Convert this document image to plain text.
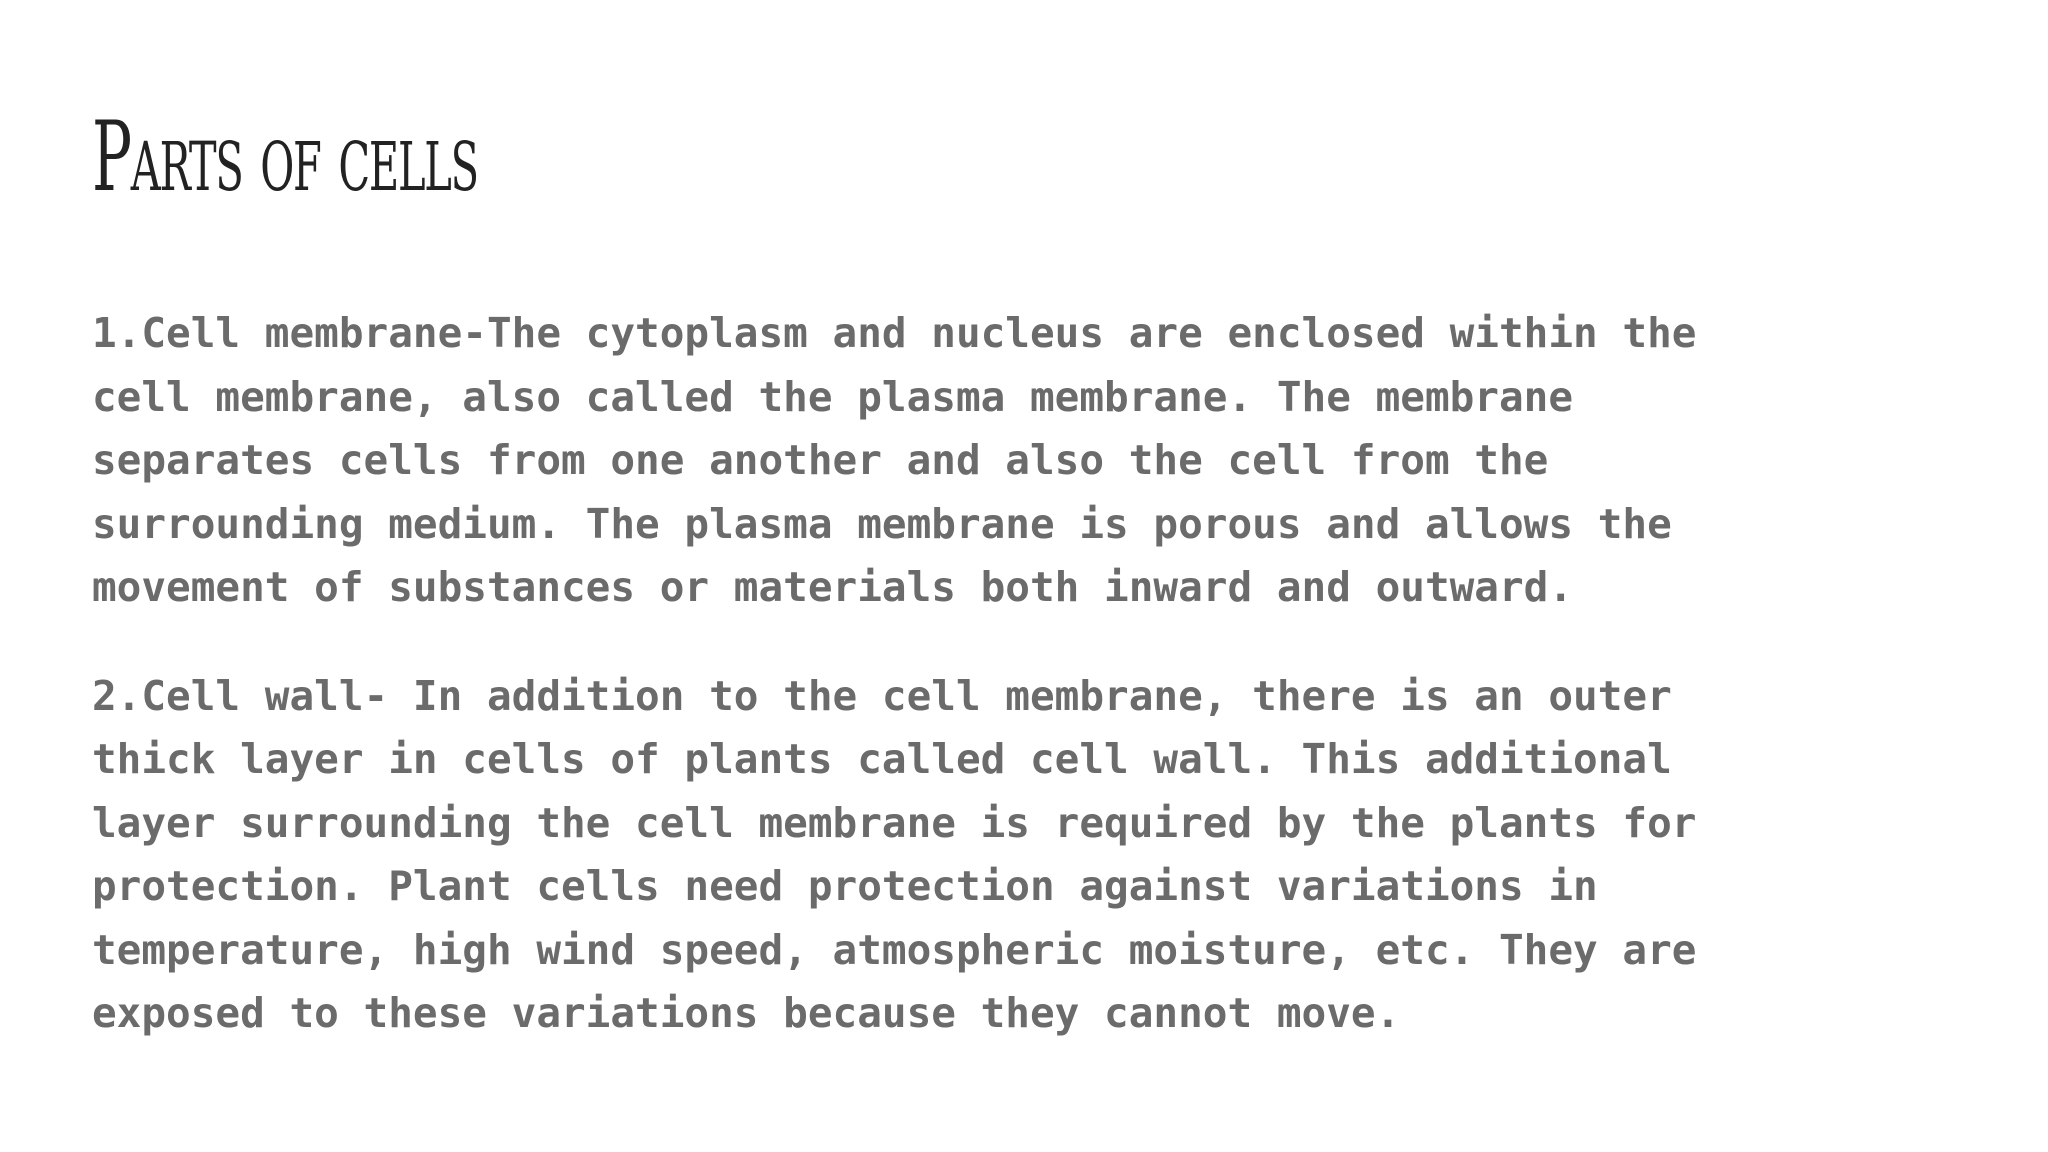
Parts of cells

1.Cell membrane-The cytoplasm and nucleus are enclosed within the
cell membrane, also called the plasma membrane. The membrane
separates cells from one another and also the cell from the
surrounding medium. The plasma membrane is porous and allows the
movement of substances or materials both inward and outward.

2.Cell wall- In addition to the cell membrane, there is an outer
thick layer in cells of plants called cell wall. This additional
layer surrounding the cell membrane is required by the plants for
protection. Plant cells need protection against variations in
temperature, high wind speed, atmospheric moisture, etc. They are
exposed to these variations because they cannot move.
